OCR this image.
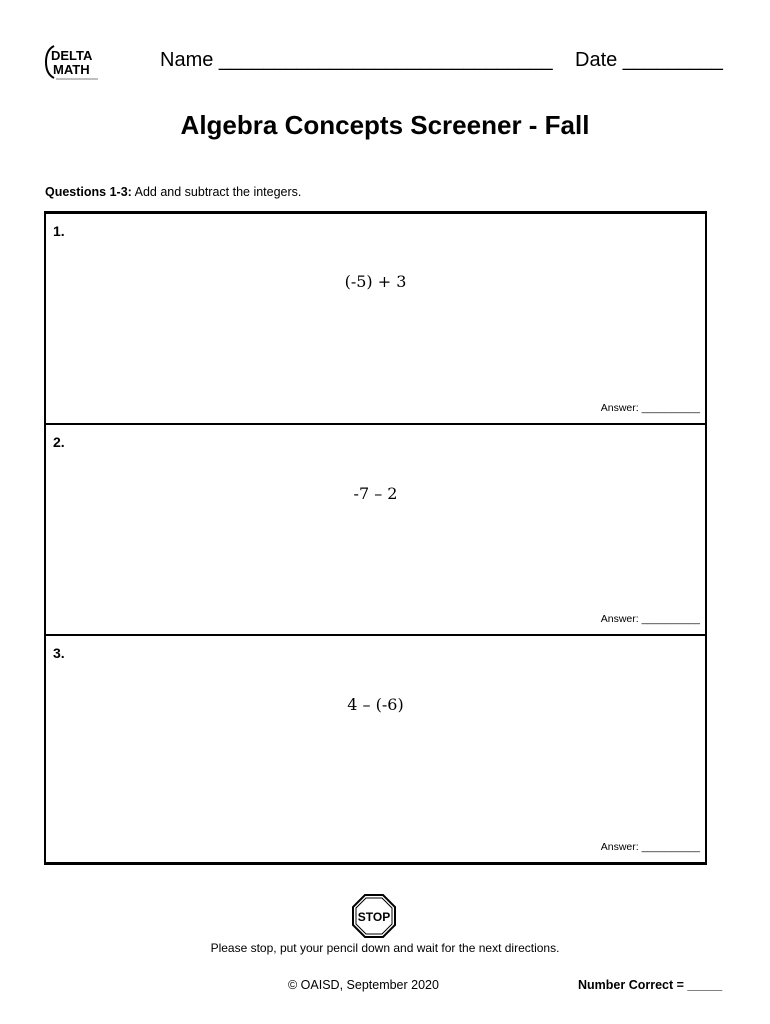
DELTA
MATH	Name ______________________________ Date _________
Algebra Concepts Screener - Fall
Questions 1-3: Add and subtract the integers.
1.
(-5) + 3
Answer: __________
2.
-7 – 2
Answer: __________
3.
4 – (-6)
Answer: __________
STOP
Please stop, put your pencil down and wait for the next directions.
© OAISD, September 2020	Number Correct = _____
